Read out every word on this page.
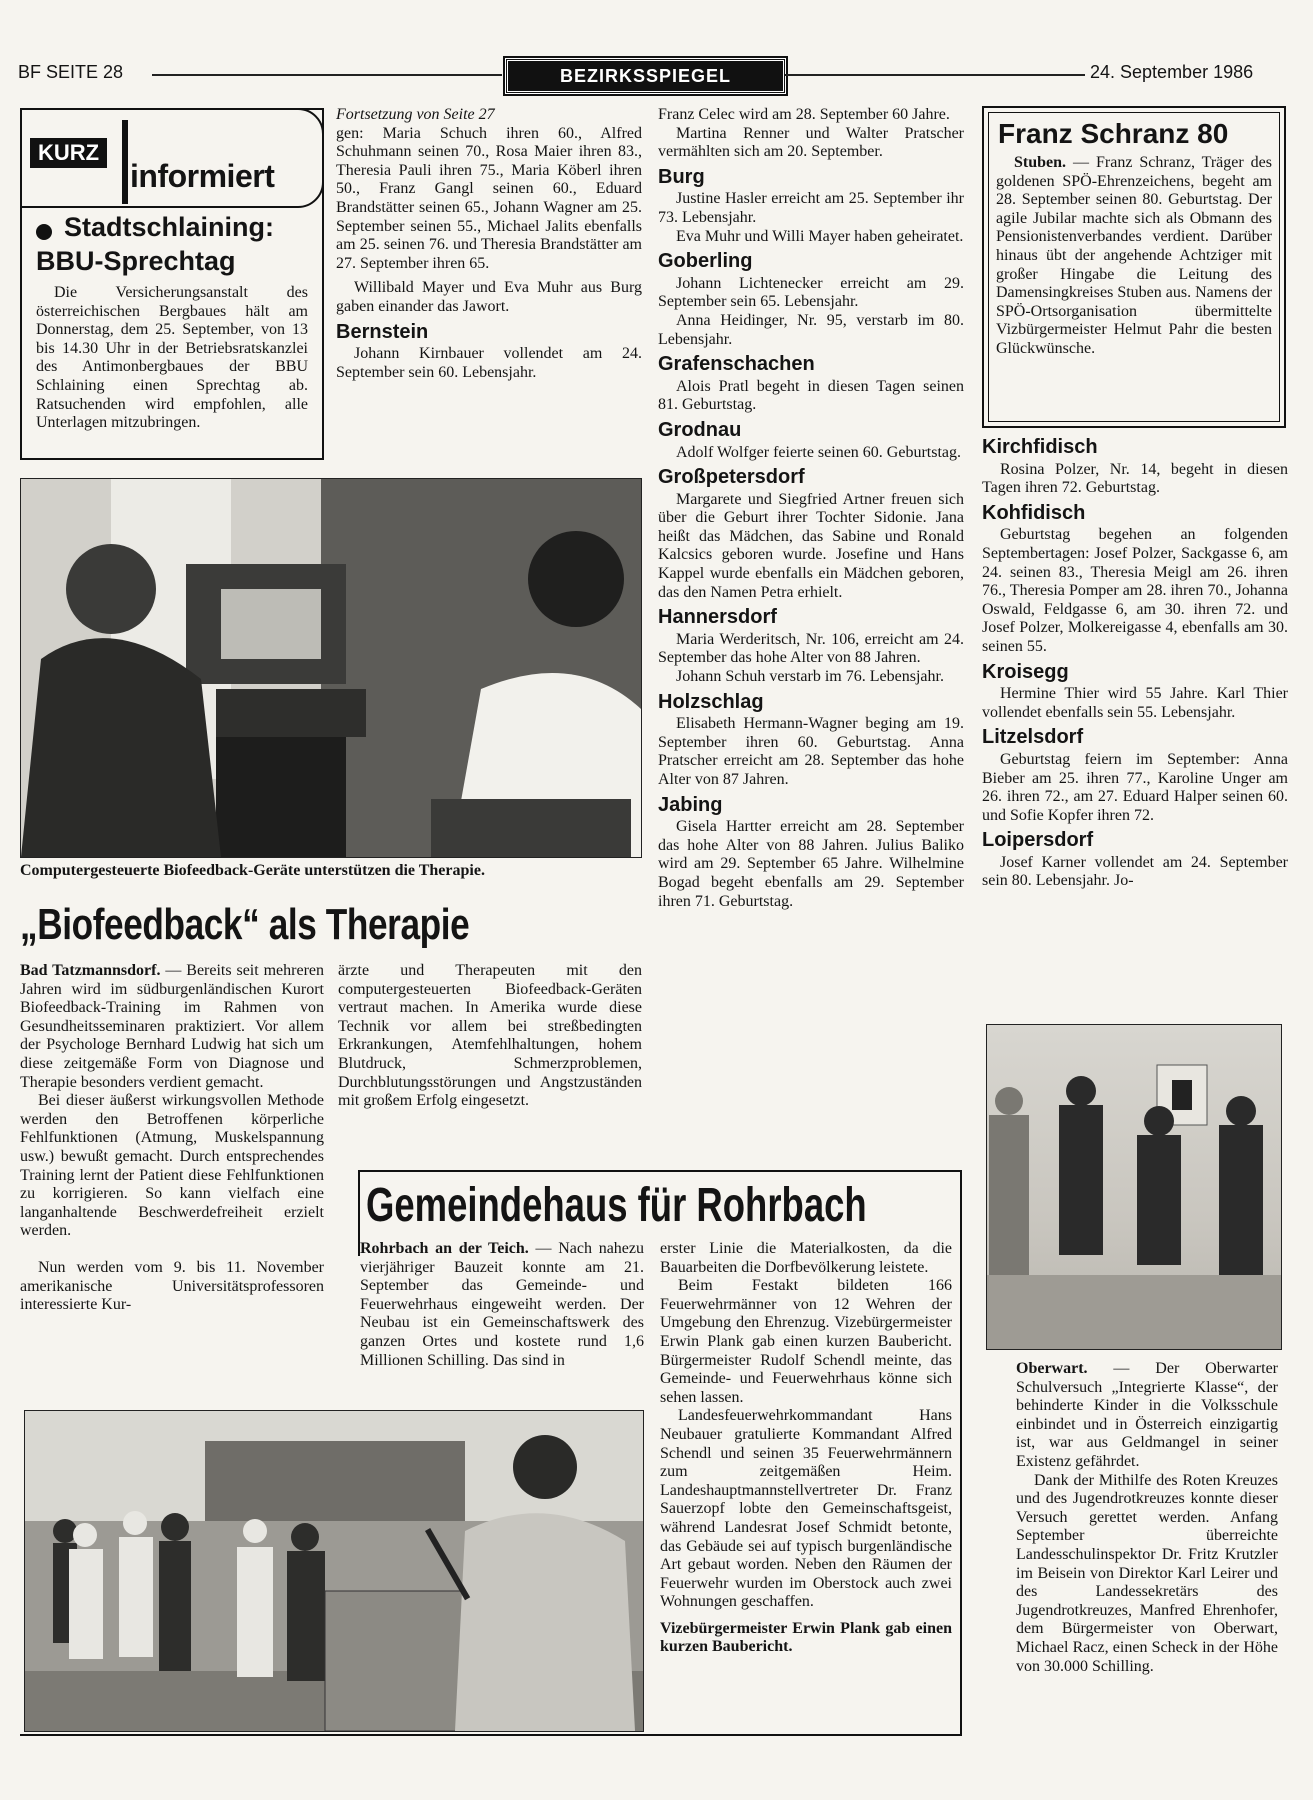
BF SEITE 28	BEZIRKSSPIEGEL	24. September 1986
KURZ
informiert
Stadtschlaining:
BBU-Sprechtag

Die Versicherungsanstalt des österreichischen Bergbaues hält am Donnerstag, dem 25. September, von 13 bis 14.30 Uhr in der Betriebsratskanzlei des Antimonbergbaues der BBU Schlaining einen Sprechtag ab. Ratsuchenden wird empfohlen, alle Unterlagen mitzubringen.

Fortsetzung von Seite 27

gen: Maria Schuch ihren 60., Alfred Schuhmann seinen 70., Rosa Maier ihren 83., Theresia Pauli ihren 75., Maria Köberl ihren 50., Franz Gangl seinen 60., Eduard Brandstätter seinen 65., Johann Wagner am 25. September seinen 55., Michael Jalits ebenfalls am 25. seinen 76. und Theresia Brandstätter am 27. September ihren 65.

Willibald Mayer und Eva Muhr aus Burg gaben einander das Jawort.

Bernstein

Johann Kirnbauer vollendet am 24. September sein 60. Lebensjahr.

Franz Celec wird am 28. September 60 Jahre.

Martina Renner und Walter Pratscher vermählten sich am 20. September.

Burg

Justine Hasler erreicht am 25. September ihr 73. Lebensjahr.

Eva Muhr und Willi Mayer haben geheiratet.

Goberling

Johann Lichtenecker erreicht am 29. September sein 65. Lebensjahr.

Anna Heidinger, Nr. 95, verstarb im 80. Lebensjahr.

Grafenschachen

Alois Pratl begeht in diesen Tagen seinen 81. Geburtstag.

Grodnau

Adolf Wolfger feierte seinen 60. Geburtstag.

Großpetersdorf

Margarete und Siegfried Artner freuen sich über die Geburt ihrer Tochter Sidonie. Jana heißt das Mädchen, das Sabine und Ronald Kalcsics geboren wurde. Josefine und Hans Kappel wurde ebenfalls ein Mädchen geboren, das den Namen Petra erhielt.

Hannersdorf

Maria Werderitsch, Nr. 106, erreicht am 24. September das hohe Alter von 88 Jahren.

Johann Schuh verstarb im 76. Lebensjahr.

Holzschlag

Elisabeth Hermann-Wagner beging am 19. September ihren 60. Geburtstag. Anna Pratscher erreicht am 28. September das hohe Alter von 87 Jahren.

Jabing

Gisela Hartter erreicht am 28. September das hohe Alter von 88 Jahren. Julius Baliko wird am 29. September 65 Jahre. Wilhelmine Bogad begeht ebenfalls am 29. September ihren 71. Geburtstag.

Franz Schranz 80

Stuben. — Franz Schranz, Träger des goldenen SPÖ-Ehrenzeichens, begeht am 28. September seinen 80. Geburtstag. Der agile Jubilar machte sich als Obmann des Pensionistenverbandes verdient. Darüber hinaus übt der angehende Achtziger mit großer Hingabe die Leitung des Damensingkreises Stuben aus. Namens der SPÖ-Ortsorganisation übermittelte Vizbürgermeister Helmut Pahr die besten Glückwünsche.

Kirchfidisch

Rosina Polzer, Nr. 14, begeht in diesen Tagen ihren 72. Geburtstag.

Kohfidisch

Geburtstag begehen an folgenden Septembertagen: Josef Polzer, Sackgasse 6, am 24. seinen 83., Theresia Meigl am 26. ihren 76., Theresia Pomper am 28. ihren 70., Johanna Oswald, Feldgasse 6, am 30. ihren 72. und Josef Polzer, Molkereigasse 4, ebenfalls am 30. seinen 55.

Kroisegg

Hermine Thier wird 55 Jahre. Karl Thier vollendet ebenfalls sein 55. Lebensjahr.

Litzelsdorf

Geburtstag feiern im September: Anna Bieber am 25. ihren 77., Karoline Unger am 26. ihren 72., am 27. Eduard Halper seinen 60. und Sofie Kopfer ihren 72.

Loipersdorf

Josef Karner vollendet am 24. September sein 80. Lebensjahr. Jo-

Oberwart. — Der Oberwarter Schulversuch „Integrierte Klasse“, der behinderte Kinder in die Volksschule einbindet und in Österreich einzigartig ist, war aus Geldmangel in seiner Existenz gefährdet.

Dank der Mithilfe des Roten Kreuzes und des Jugendrotkreuzes konnte dieser Versuch gerettet werden. Anfang September überreichte Landesschulinspektor Dr. Fritz Krutzler im Beisein von Direktor Karl Leirer und des Landessekretärs des Jugendrotkreuzes, Manfred Ehrenhofer, dem Bürgermeister von Oberwart, Michael Racz, einen Scheck in der Höhe von 30.000 Schilling.

Computergesteuerte Biofeedback-Geräte unterstützen die Therapie.
„Biofeedback“ als Therapie

Bad Tatzmannsdorf. — Bereits seit mehreren Jahren wird im südburgenländischen Kurort Biofeedback-Training im Rahmen von Gesundheitsseminaren praktiziert. Vor allem der Psychologe Bernhard Ludwig hat sich um diese zeitgemäße Form von Diagnose und Therapie besonders verdient gemacht.

Bei dieser äußerst wirkungsvollen Methode werden den Betroffenen körperliche Fehlfunktionen (Atmung, Muskelspannung usw.) bewußt gemacht. Durch entsprechendes Training lernt der Patient diese Fehlfunktionen zu korrigieren. So kann vielfach eine langanhaltende Beschwerdefreiheit erzielt werden.

Nun werden vom 9. bis 11. November amerikanische Universitätsprofessoren interessierte Kur-

ärzte und Therapeuten mit den computergesteuerten Biofeedback-Geräten vertraut machen. In Amerika wurde diese Technik vor allem bei streßbedingten Erkrankungen, Atemfehlhaltungen, hohem Blutdruck, Schmerzproblemen, Durchblutungsstörungen und Angstzuständen mit großem Erfolg eingesetzt.

Gemeindehaus für Rohrbach

Rohrbach an der Teich. — Nach nahezu vierjähriger Bauzeit konnte am 21. September das Gemeinde- und Feuerwehrhaus eingeweiht werden. Der Neubau ist ein Gemeinschaftswerk des ganzen Ortes und kostete rund 1,6 Millionen Schilling. Das sind in

erster Linie die Materialkosten, da die Bauarbeiten die Dorfbevölkerung leistete.

Beim Festakt bildeten 166 Feuerwehrmänner von 12 Wehren der Umgebung den Ehrenzug. Vizebürgermeister Erwin Plank gab einen kurzen Baubericht. Bürgermeister Rudolf Schendl meinte, das Gemeinde- und Feuerwehrhaus könne sich sehen lassen.

Landesfeuerwehrkommandant Hans Neubauer gratulierte Kommandant Alfred Schendl und seinen 35 Feuerwehrmännern zum zeitgemäßen Heim. Landeshauptmannstellvertreter Dr. Franz Sauerzopf lobte den Gemeinschaftsgeist, während Landesrat Josef Schmidt betonte, das Gebäude sei auf typisch burgenländische Art gebaut worden. Neben den Räumen der Feuerwehr wurden im Oberstock auch zwei Wohnungen geschaffen.

Vizebürgermeister Erwin Plank gab einen kurzen Baubericht.
